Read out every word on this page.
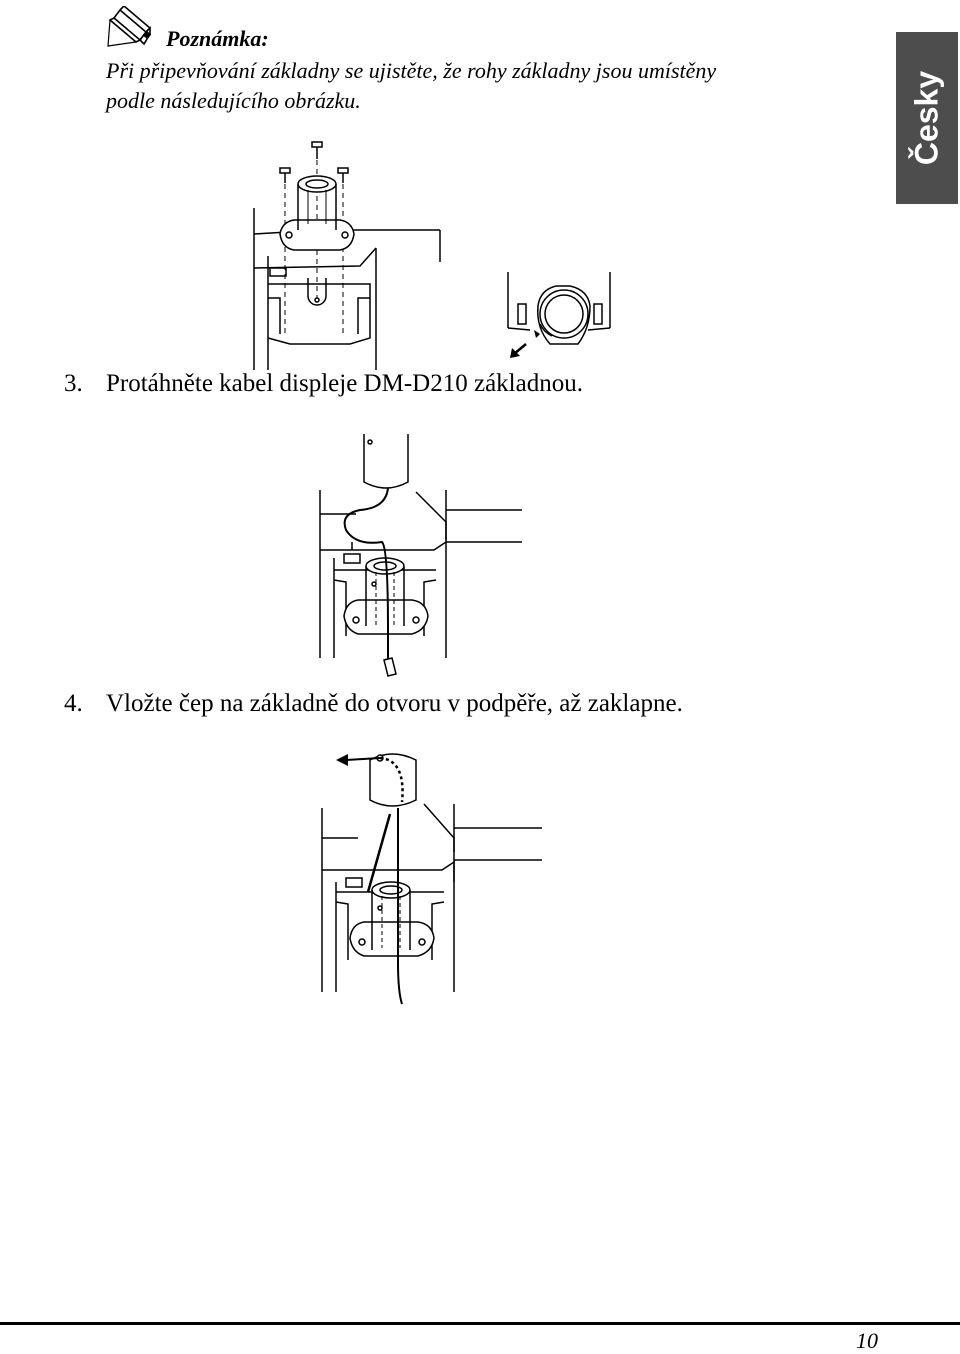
Poznámka:
Při připevňování základny se ujistěte, že rohy základny jsou umístěny
podle následujícího obrázku.	Česky
3. Protáhněte kabel displeje DM-D210 základnou.
4. Vložte čep na základně do otvoru v podpěře, až zaklapne.
10
